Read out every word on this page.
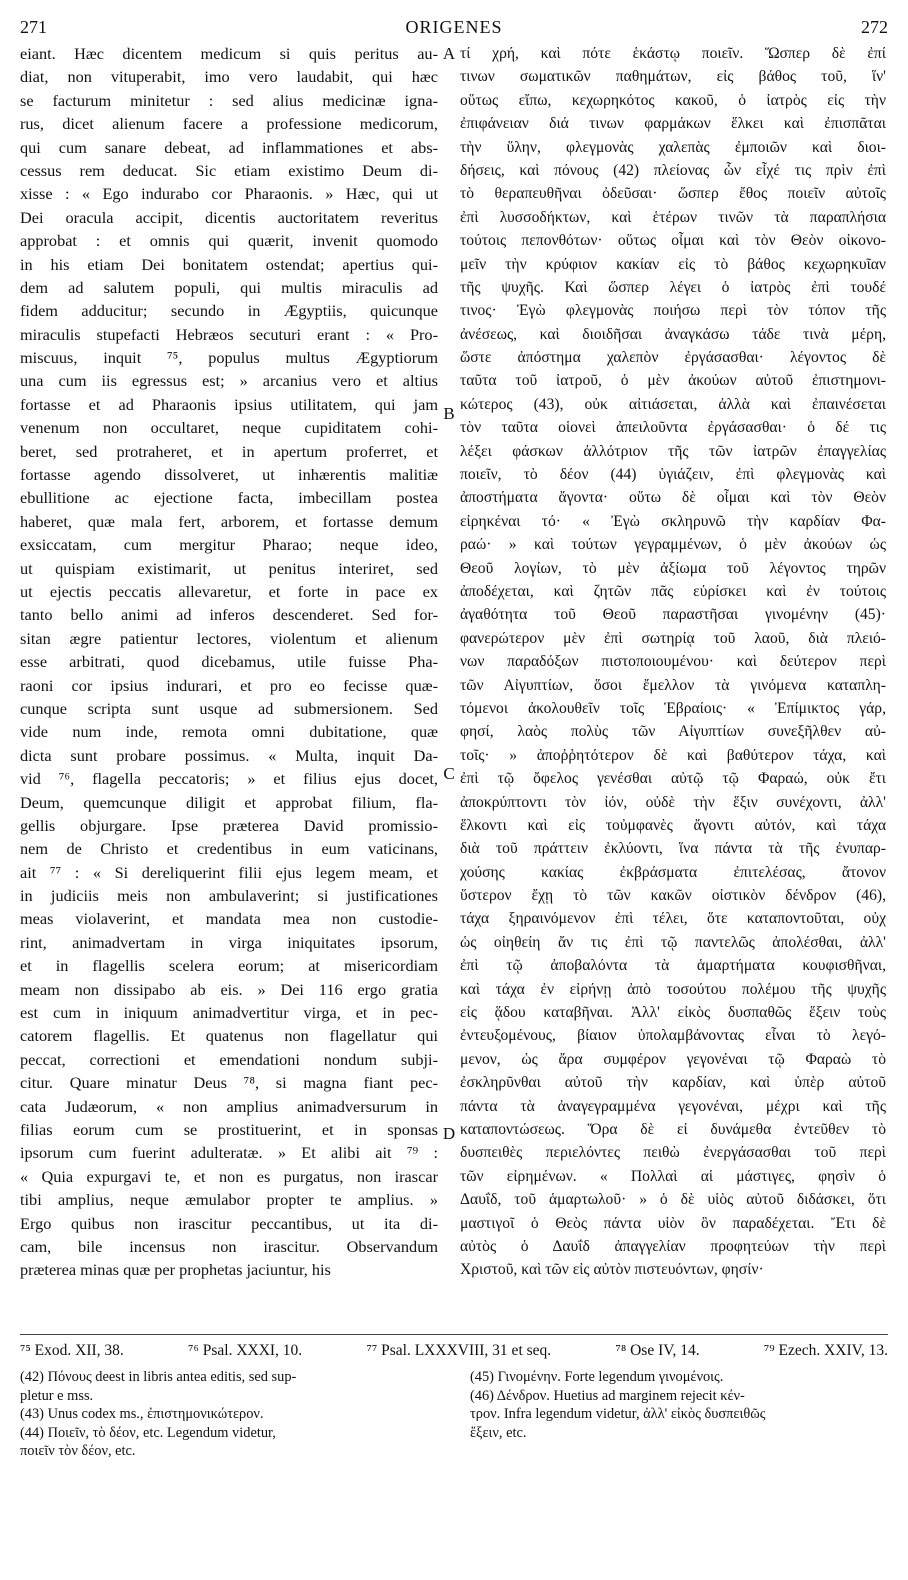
271	ORIGENES	272
eiant. Hæc dicentem medicum si quis peritus au-
diat, non vituperabit, imo vero laudabit, qui hæc
se facturum minitetur : sed alius medicinæ igna-
rus, dicet alienum facere a professione medicorum,
qui cum sanare debeat, ad inflammationes et abs-
cessus rem deducat. Sic etiam existimo Deum di-
xisse : « Ego indurabo cor Pharaonis. » Hæc, qui ut
Dei oracula accipit, dicentis auctoritatem reveritus
approbat : et omnis qui quærit, invenit quomodo
in his etiam Dei bonitatem ostendat; apertius qui-
dem ad salutem populi, qui multis miraculis ad
fidem adducitur; secundo in Ægyptiis, quicunque
miraculis stupefacti Hebræos secuturi erant : « Pro-
miscuus, inquit ⁷⁵, populus multus Ægyptiorum
una cum iis egressus est; » arcanius vero et altius
fortasse et ad Pharaonis ipsius utilitatem, qui jam
venenum non occultaret, neque cupiditatem cohi-
beret, sed protraheret, et in apertum proferret, et
fortasse agendo dissolveret, ut inhærentis malitiæ
ebullitione ac ejectione facta, imbecillam postea
haberet, quæ mala fert, arborem, et fortasse demum
exsiccatam, cum mergitur Pharao; neque ideo,
ut quispiam existimarit, ut penitus interiret, sed
ut ejectis peccatis allevaretur, et forte in pace ex
tanto bello animi ad inferos descenderet. Sed for-
sitan ægre patientur lectores, violentum et alienum
esse arbitrati, quod dicebamus, utile fuisse Pha-
raoni cor ipsius indurari, et pro eo fecisse quæ-
cunque scripta sunt usque ad submersionem. Sed
vide num inde, remota omni dubitatione, quæ
dicta sunt probare possimus. « Multa, inquit Da-
vid ⁷⁶, flagella peccatoris; » et filius ejus docet,
Deum, quemcunque diligit et approbat filium, fla-
gellis objurgare. Ipse præterea David promissio-
nem de Christo et credentibus in eum vaticinans,
ait ⁷⁷ : « Si dereliquerint filii ejus legem meam, et
in judiciis meis non ambulaverint; si justificationes
meas violaverint, et mandata mea non custodie-
rint, animadvertam in virga iniquitates ipsorum,
et in flagellis scelera eorum; at misericordiam
meam non dissipabo ab eis. » Dei 116 ergo gratia
est cum in iniquum animadvertitur virga, et in pec-
catorem flagellis. Et quatenus non flagellatur qui
peccat, correctioni et emendationi nondum subji-
citur. Quare minatur Deus ⁷⁸, si magna fiant pec-
cata Judæorum, « non amplius animadversurum in
filias eorum cum se prostituerint, et in sponsas
ipsorum cum fuerint adulteratæ. » Et alibi ait ⁷⁹ :
« Quia expurgavi te, et non es purgatus, non irascar
tibi amplius, neque æmulabor propter te amplius. »
Ergo quibus non irascitur peccantibus, ut ita di-
cam, bile incensus non irascitur. Observandum
præterea minas quæ per prophetas jaciuntur, his
τί χρή, καὶ πότε ἑκάστῳ ποιεῖν. Ὥσπερ δὲ ἐπί
τινων σωματικῶν παθημάτων, εἰς βάθος τοῦ, ἵν'
οὕτως εἴπω, κεχωρηκότος κακοῦ, ὁ ἰατρὸς εἰς τὴν
ἐπιφάνειαν διά τινων φαρμάκων ἕλκει καὶ ἐπισπᾶται
τὴν ὕλην, φλεγμονὰς χαλεπὰς ἐμποιῶν καὶ διοι-
δήσεις, καὶ πόνους (42) πλείονας ὧν εἶχέ τις πρὶν ἐπὶ
τὸ θεραπευθῆναι ὀδεῦσαι· ὥσπερ ἔθος ποιεῖν αὐτοῖς
ἐπὶ λυσσοδήκτων, καὶ ἑτέρων τινῶν τὰ παραπλήσια
τούτοις πεπονθότων· οὕτως οἶμαι καὶ τὸν Θεὸν οἰκονο-
μεῖν τὴν κρύφιον κακίαν εἰς τὸ βάθος κεχωρηκυῖαν
τῆς ψυχῆς. Καὶ ὥσπερ λέγει ὁ ἰατρὸς ἐπὶ τουδέ
τινος· Ἐγὼ φλεγμονὰς ποιήσω περὶ τὸν τόπον τῆς
ἀνέσεως, καὶ διοιδῆσαι ἀναγκάσω τάδε τινὰ μέρη,
ὥστε ἀπόστημα χαλεπὸν ἐργάσασθαι· λέγοντος δὲ
ταῦτα τοῦ ἰατροῦ, ὁ μὲν ἀκούων αὐτοῦ ἐπιστημονι-
κώτερος (43), οὐκ αἰτιάσεται, ἀλλὰ καὶ ἐπαινέσεται
τὸν ταῦτα οἱονεὶ ἀπειλοῦντα ἐργάσασθαι· ὁ δέ τις
λέξει φάσκων ἀλλότριον τῆς τῶν ἰατρῶν ἐπαγγελίας
ποιεῖν, τὸ δέον (44) ὑγιάζειν, ἐπὶ φλεγμονὰς καὶ
ἀποστήματα ἄγοντα· οὕτω δὲ οἶμαι καὶ τὸν Θεὸν
εἰρηκέναι τό· « Ἐγὼ σκληρυνῶ τὴν καρδίαν Φα-
ραώ· » καὶ τούτων γεγραμμένων, ὁ μὲν ἀκούων ὡς
Θεοῦ λογίων, τὸ μὲν ἀξίωμα τοῦ λέγοντος τηρῶν
ἀποδέχεται, καὶ ζητῶν πᾶς εὑρίσκει καὶ ἐν τούτοις
ἀγαθότητα τοῦ Θεοῦ παραστῆσαι γινομένην (45)·
φανερώτερον μὲν ἐπὶ σωτηρίᾳ τοῦ λαοῦ, διὰ πλειό-
νων παραδόξων πιστοποιουμένου· καὶ δεύτερον περὶ
τῶν Αἰγυπτίων, ὅσοι ἔμελλον τὰ γινόμενα καταπλη-
τόμενοι ἀκολουθεῖν τοῖς Ἑβραίοις· « Ἐπίμικτος γάρ,
φησί, λαὸς πολὺς τῶν Αἰγυπτίων συνεξῆλθεν αὐ-
τοῖς· » ἀποῤῥητότερον δὲ καὶ βαθύτερον τάχα, καὶ
ἐπὶ τῷ ὄφελος γενέσθαι αὐτῷ τῷ Φαραώ, οὐκ ἔτι
ἀποκρύπτοντι τὸν ἰόν, οὐδὲ τὴν ἕξιν συνέχοντι, ἀλλ'
ἕλκοντι καὶ εἰς τοὐμφανὲς ἄγοντι αὐτόν, καὶ τάχα
διὰ τοῦ πράττειν ἐκλύοντι, ἵνα πάντα τὰ τῆς ἐνυπαρ-
χούσης κακίας ἐκβράσματα ἐπιτελέσας, ἄτονον
ὕστερον ἔχῃ τὸ τῶν κακῶν οἰστικὸν δένδρον (46),
τάχα ξηραινόμενον ἐπὶ τέλει, ὅτε καταποντοῦται, οὐχ
ὡς οἰηθείη ἄν τις ἐπὶ τῷ παντελῶς ἀπολέσθαι, ἀλλ'
ἐπὶ τῷ ἀποβαλόντα τὰ ἁμαρτήματα κουφισθῆναι,
καὶ τάχα ἐν εἰρήνῃ ἀπὸ τοσούτου πολέμου τῆς ψυχῆς
εἰς ᾅδου καταβῆναι. Ἀλλ' εἰκὸς δυσπαθῶς ἕξειν τοὺς
ἐντευξομένους, βίαιον ὑπολαμβάνοντας εἶναι τὸ λεγό-
μενον, ὡς ἄρα συμφέρον γεγονέναι τῷ Φαραὼ τὸ
ἐσκληρῦνθαι αὐτοῦ τὴν καρδίαν, καὶ ὑπὲρ αὐτοῦ
πάντα τὰ ἀναγεγραμμένα γεγονέναι, μέχρι καὶ τῆς
καταποντώσεως. Ὅρα δὲ εἰ δυνάμεθα ἐντεῦθεν τὸ
δυσπειθὲς περιελόντες πειθὼ ἐνεργάσασθαι τοῦ περὶ
τῶν εἰρημένων. « Πολλαὶ αἱ μάστιγες, φησὶν ὁ
Δαυΐδ, τοῦ ἁμαρτωλοῦ· » ὁ δὲ υἱὸς αὐτοῦ διδάσκει, ὅτι
μαστιγοῖ ὁ Θεὸς πάντα υἱὸν ὃν παραδέχεται. Ἔτι δὲ
αὐτὸς ὁ Δαυΐδ ἀπαγγελίαν προφητεύων τὴν περὶ
Χριστοῦ, καὶ τῶν εἰς αὐτὸν πιστευόντων, φησίν·
A
B
C
D
⁷⁵ Exod. XII, 38.	⁷⁶ Psal. XXXI, 10.	⁷⁷ Psal. LXXXVIII, 31 et seq.	⁷⁸ Ose IV, 14.	⁷⁹ Ezech. XXIV, 13.
(42) Πόνους deest in libris antea editis, sed sup-
pletur e mss.
(43) Unus codex ms., ἐπιστημονικώτερον.
(44) Ποιεῖν, τὸ δέον, etc. Legendum videtur,
ποιεῖν τὸν δέον, etc.
(45) Γινομένην. Forte legendum γινομένοις.
(46) Δένδρον. Huetius ad marginem rejecit κέν-
τρον. Infra legendum videtur, ἀλλ' εἰκὸς δυσπειθῶς
ἕξειν, etc.
